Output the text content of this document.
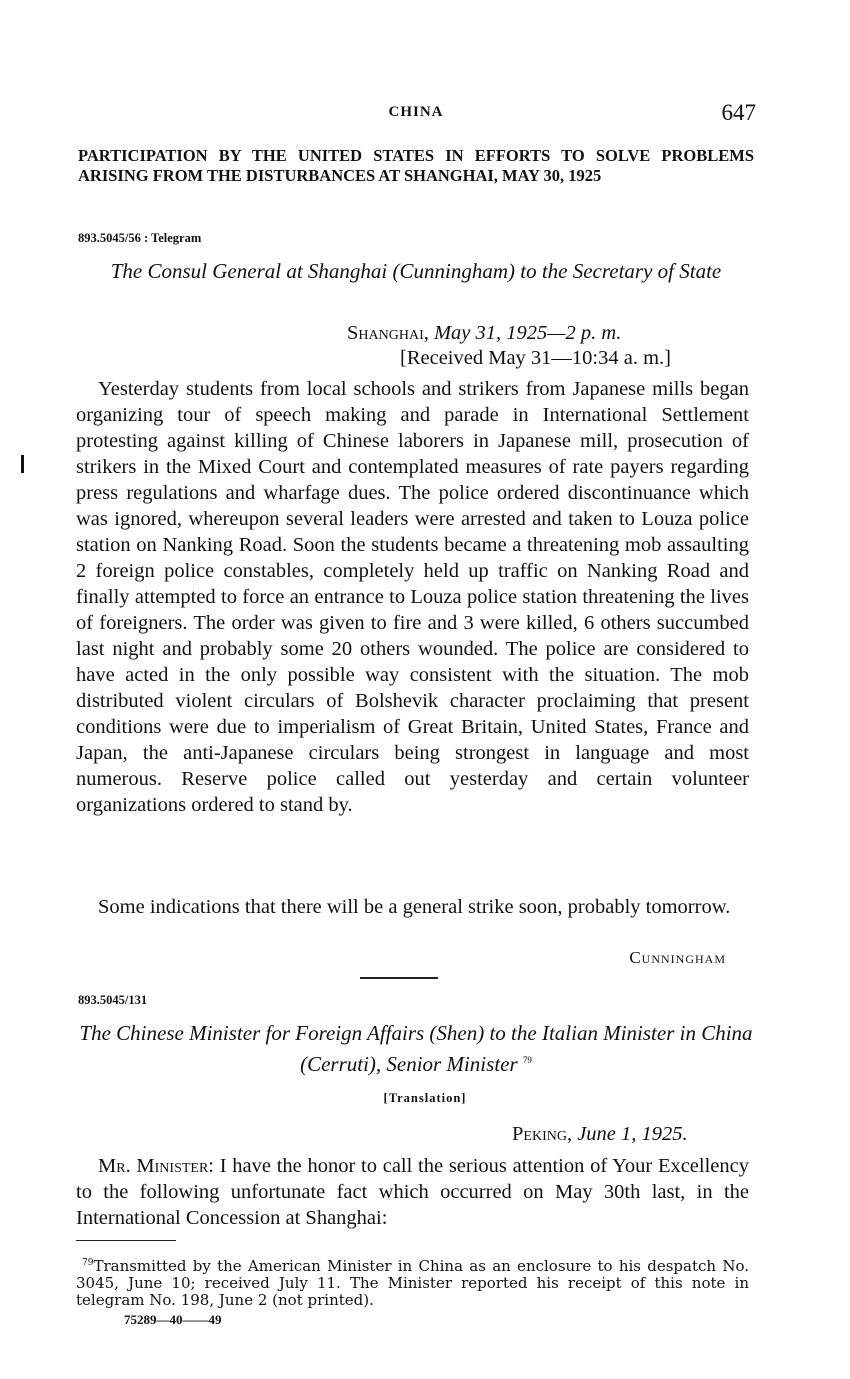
CHINA	647

PARTICIPATION BY THE UNITED STATES IN EFFORTS TO SOLVE PROBLEMS ARISING FROM THE DISTURBANCES AT SHANGHAI, MAY 30, 1925

893.5045/56 : Telegram

The Consul General at Shanghai (Cunningham) to the Secretary of State

Shanghai, May 31, 1925—2 p. m.
[Received May 31—10:34 a. m.]

Yesterday students from local schools and strikers from Japanese mills began organizing tour of speech making and parade in International Settlement protesting against killing of Chinese laborers in Japanese mill, prosecution of strikers in the Mixed Court and contemplated measures of rate payers regarding press regulations and wharfage dues. The police ordered discontinuance which was ignored, whereupon several leaders were arrested and taken to Louza police station on Nanking Road. Soon the students became a threatening mob assaulting 2 foreign police constables, completely held up traffic on Nanking Road and finally attempted to force an entrance to Louza police station threatening the lives of foreigners. The order was given to fire and 3 were killed, 6 others succumbed last night and probably some 20 others wounded. The police are considered to have acted in the only possible way consistent with the situation. The mob distributed violent circulars of Bolshevik character proclaiming that present conditions were due to imperialism of Great Britain, United States, France and Japan, the anti-Japanese circulars being strongest in language and most numerous. Reserve police called out yesterday and certain volunteer organizations ordered to stand by.

Some indications that there will be a general strike soon, probably tomorrow.

Cunningham
893.5045/131

The Chinese Minister for Foreign Affairs (Shen) to the Italian Minister in China (Cerruti), Senior Minister $^{79}$

[Translation]
Peking, June 1, 1925.

Mr. Minister: I have the honor to call the serious attention of Your Excellency to the following unfortunate fact which occurred on May 30th last, in the International Concession at Shanghai:

$^{79}$Transmitted by the American Minister in China as an enclosure to his despatch No. 3045, June 10; received July 11. The Minister reported his receipt of this note in telegram No. 198, June 2 (not printed).

75289—40——49
